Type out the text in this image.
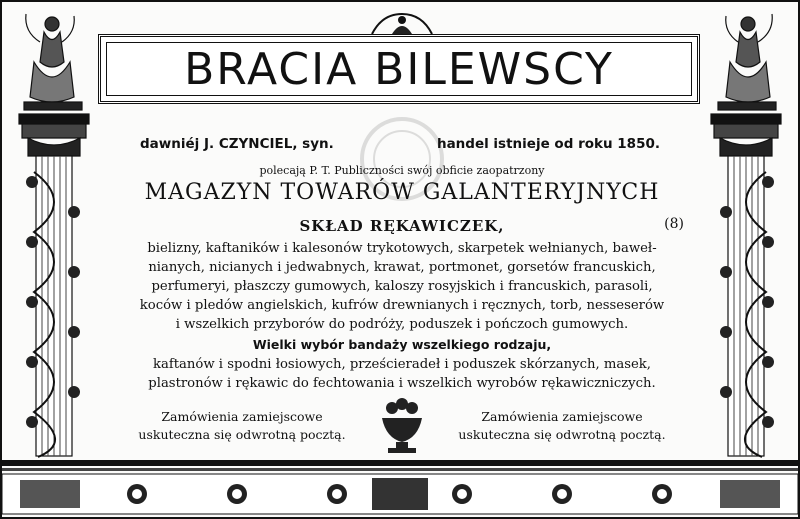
BRACIA BILEWSCY
dawniéj J. CZYNCIEL, syn.	handel istnieje od roku 1850.
polecają P. T. Publiczności swój obficie zaopatrzony
MAGAZYN TOWARÓW GALANTERYJNYCH
SKŁAD RĘKAWICZEK,	(8)
bielizny, kaftaników i kalesonów trykotowych, skarpetek wełnianych, baweł-
nianych, nicianych i jedwabnych, krawat, portmonet, gorsetów francuskich,
perfumeryi, płaszczy gumowych, kaloszy rosyjskich i francuskich, parasoli,
koców i pledów angielskich, kufrów drewnianych i ręcznych, torb, nesseserów
i wszelkich przyborów do podróży, poduszek i pończoch gumowych.
Wielki wybór bandaży wszelkiego rodzaju,
kaftanów i spodni łosiowych, prześcieradeł i poduszek skórzanych, masek,
plastronów i rękawic do fechtowania i wszelkich wyrobów rękawiczniczych.
Zamówienia zamiejscowe
uskuteczna się odwrotną pocztą.
Zamówienia zamiejscowe
uskuteczna się odwrotną pocztą.
